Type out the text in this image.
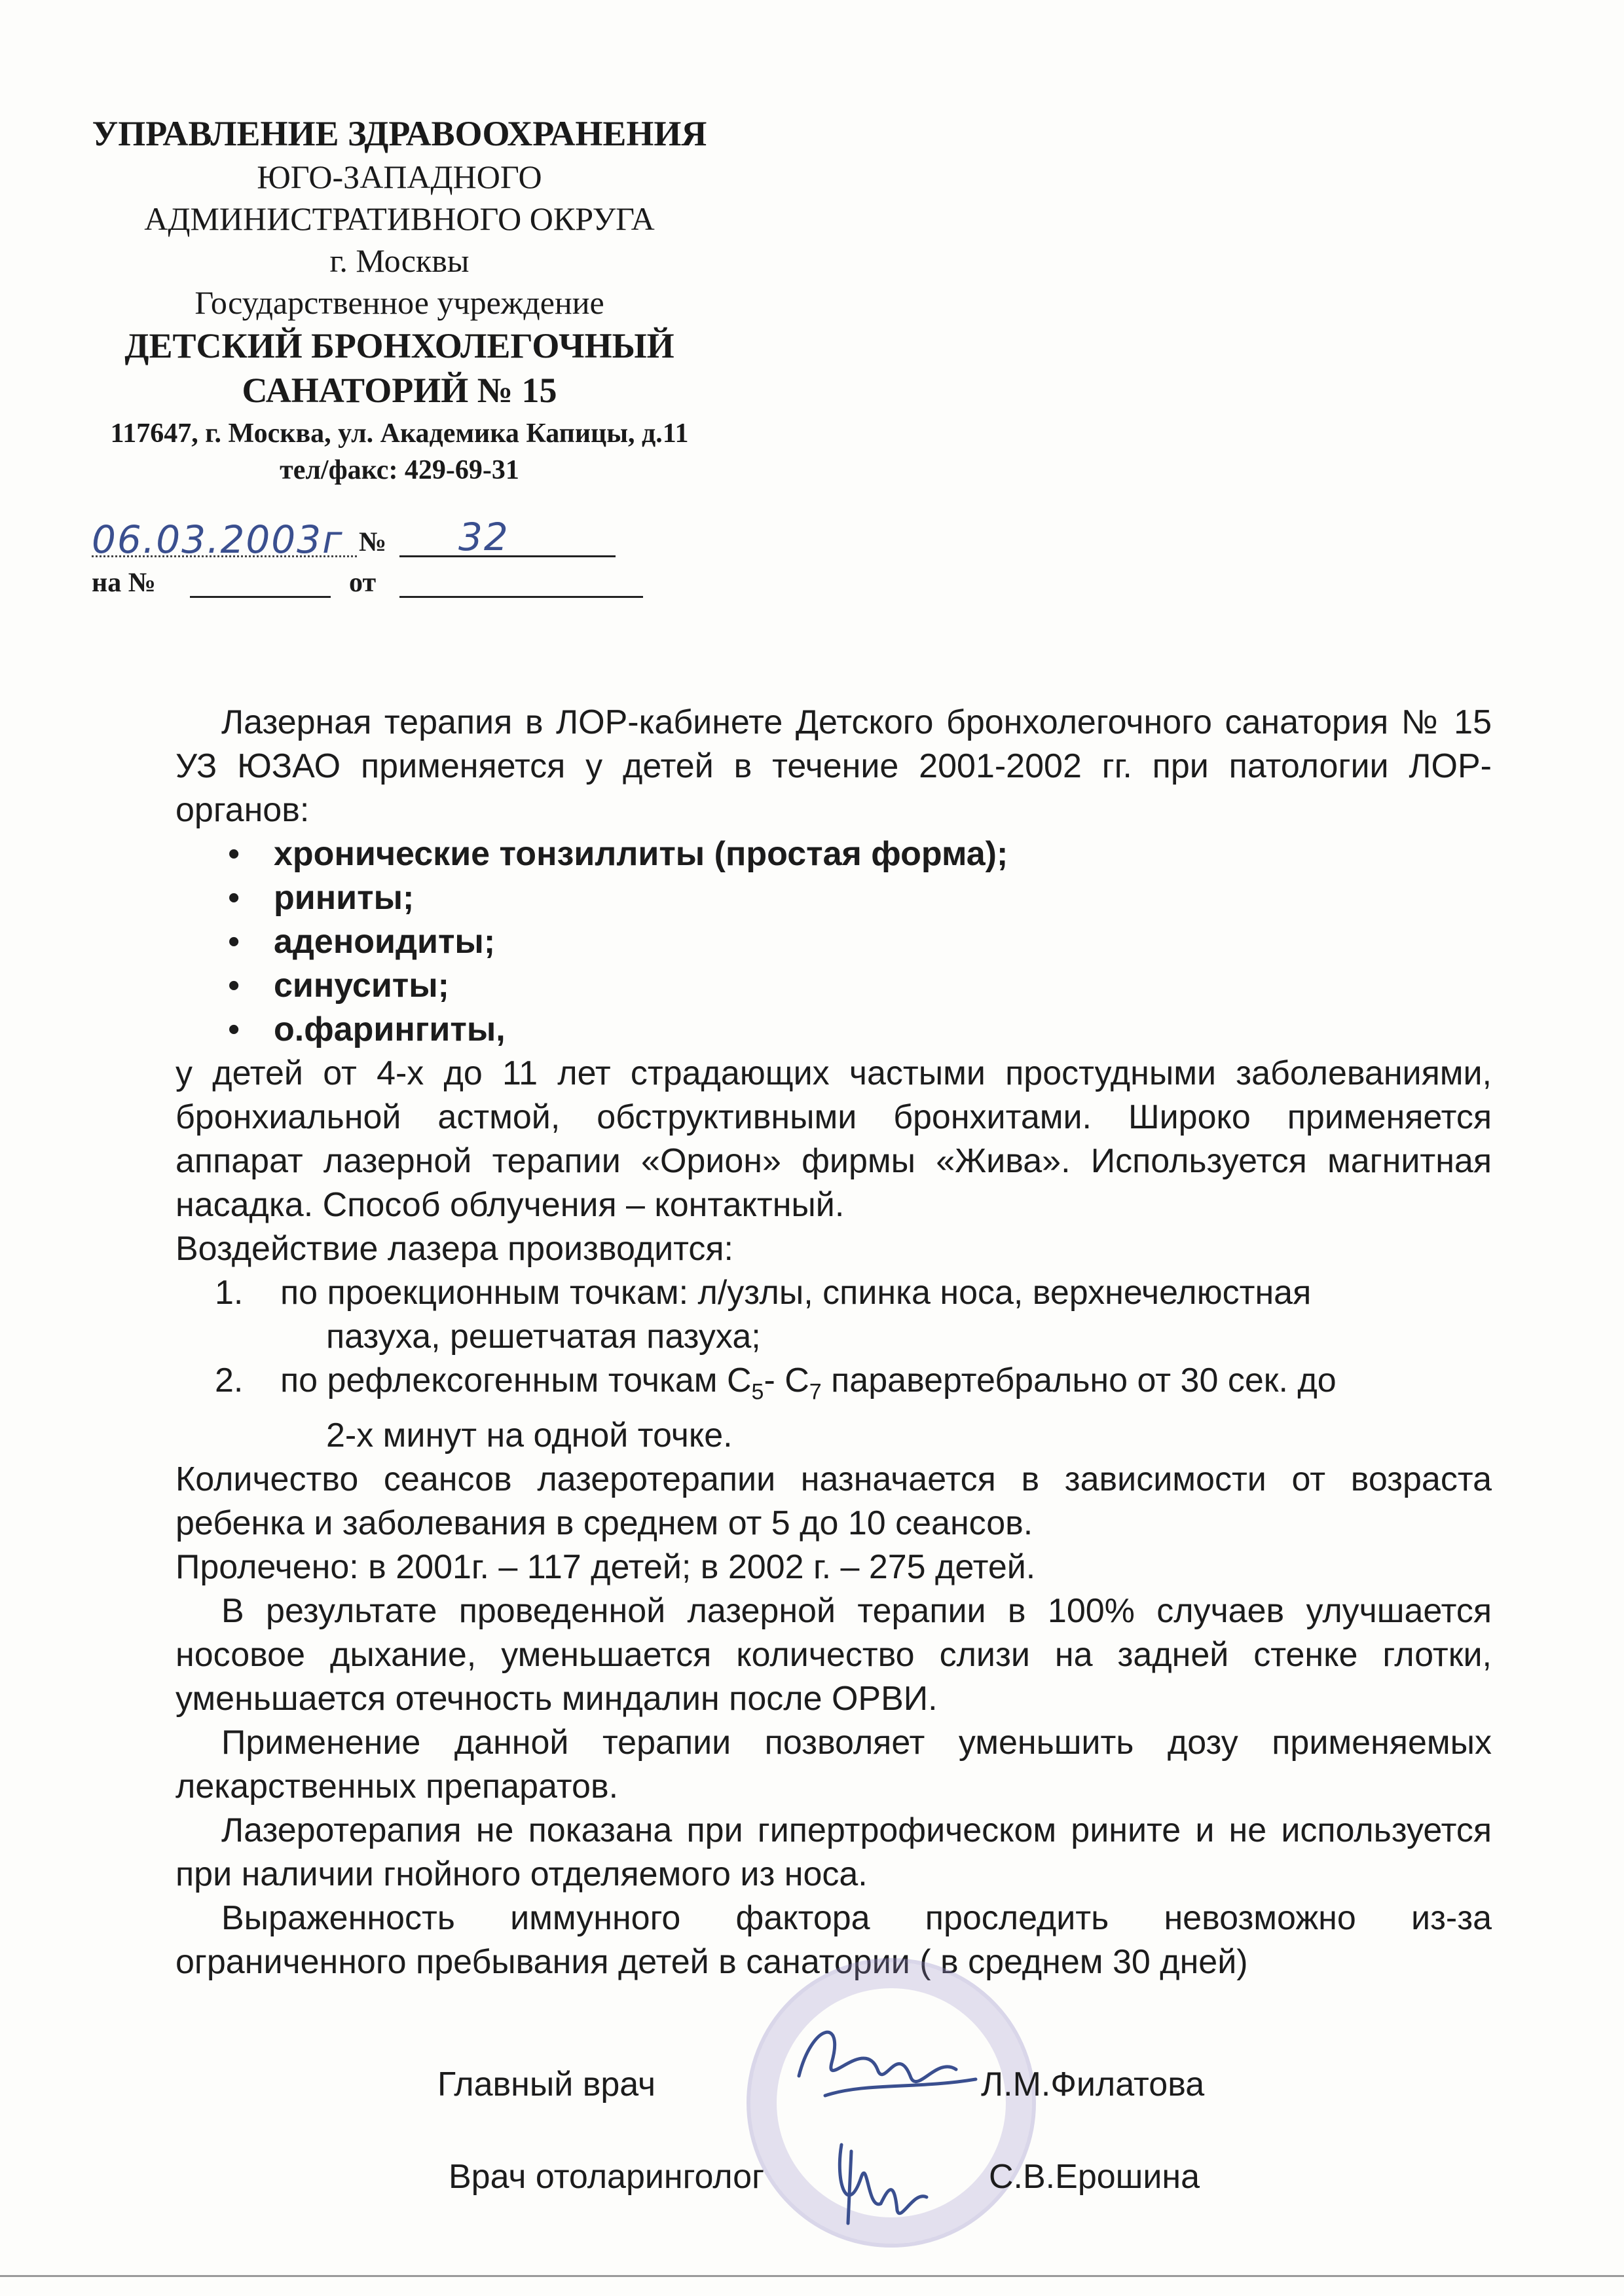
УПРАВЛЕНИЕ ЗДРАВООХРАНЕНИЯ
ЮГО-ЗАПАДНОГО
АДМИНИСТРАТИВНОГО ОКРУГА
г. Москвы
Государственное учреждение
ДЕТСКИЙ БРОНХОЛЕГОЧНЫЙ
САНАТОРИЙ № 15
117647, г. Москва, ул. Академика Капицы, д.11
тел/факс: 429-69-31
06.03.2003г № 32
на №	от

Лазерная терапия в ЛОР-кабинете Детского бронхолегочного санатория № 15 УЗ ЮЗАО применяется у детей в течение 2001-2002 гг. при патологии ЛОР-органов:

• хронические тонзиллиты (простая форма);
• риниты;
• аденоидиты;
• синуситы;
• о.фарингиты,

у детей от 4-х до 11 лет страдающих частыми простудными заболеваниями, бронхиальной астмой, обструктивными бронхитами. Широко применяется аппарат лазерной терапии «Орион» фирмы «Жива». Используется магнитная насадка. Способ облучения – контактный.

Воздействие лазера производится:

1. по проекционным точкам: л/узлы, спинка носа, верхнечелюстная
пазуха, решетчатая пазуха;
2. по рефлексогенным точкам $С_5-$ $С_7$ паравертебрально от 30 сек. до
2-х минут на одной точке.

Количество сеансов лазеротерапии назначается в зависимости от возраста ребенка и заболевания в среднем от 5 до 10 сеансов.

Пролечено: в 2001г. – 117 детей; в 2002 г. – 275 детей.

В результате проведенной лазерной терапии в 100% случаев улучшается носовое дыхание, уменьшается количество слизи на задней стенке глотки, уменьшается отечность миндалин после ОРВИ.

Применение данной терапии позволяет уменьшить дозу применяемых лекарственных препаратов.

Лазеротерапия не показана при гипертрофическом рините и не используется при наличии гнойного отделяемого из носа.

Выраженность иммунного фактора проследить невозможно из-за ограниченного пребывания детей в санатории ( в среднем 30 дней)

Главный врач	Л.М.Филатова
Врач отоларинголог	С.В.Ерошина
